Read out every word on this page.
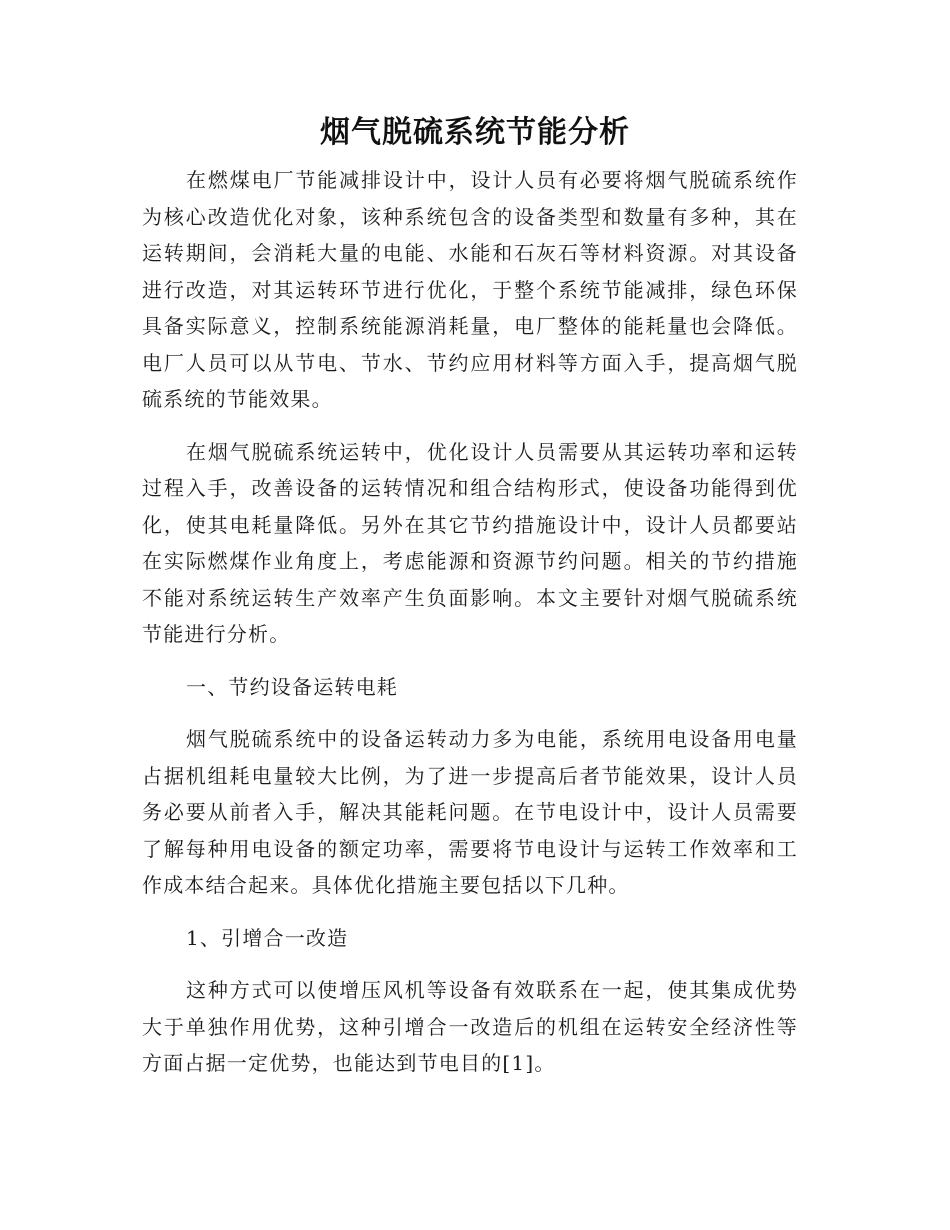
烟气脱硫系统节能分析

在燃煤电厂节能减排设计中，设计人员有必要将烟气脱硫系统作为核心改造优化对象，该种系统包含的设备类型和数量有多种，其在运转期间，会消耗大量的电能、水能和石灰石等材料资源。对其设备进行改造，对其运转环节进行优化，于整个系统节能减排，绿色环保具备实际意义，控制系统能源消耗量，电厂整体的能耗量也会降低。电厂人员可以从节电、节水、节约应用材料等方面入手，提高烟气脱硫系统的节能效果。

在烟气脱硫系统运转中，优化设计人员需要从其运转功率和运转过程入手，改善设备的运转情况和组合结构形式，使设备功能得到优化，使其电耗量降低。另外在其它节约措施设计中，设计人员都要站在实际燃煤作业角度上，考虑能源和资源节约问题。相关的节约措施不能对系统运转生产效率产生负面影响。本文主要针对烟气脱硫系统节能进行分析。

一、节约设备运转电耗

烟气脱硫系统中的设备运转动力多为电能，系统用电设备用电量占据机组耗电量较大比例，为了进一步提高后者节能效果，设计人员务必要从前者入手，解决其能耗问题。在节电设计中，设计人员需要了解每种用电设备的额定功率，需要将节电设计与运转工作效率和工作成本结合起来。具体优化措施主要包括以下几种。

1、引增合一改造

这种方式可以使增压风机等设备有效联系在一起，使其集成优势大于单独作用优势，这种引增合一改造后的机组在运转安全经济性等方面占据一定优势，也能达到节电目的[1]。
